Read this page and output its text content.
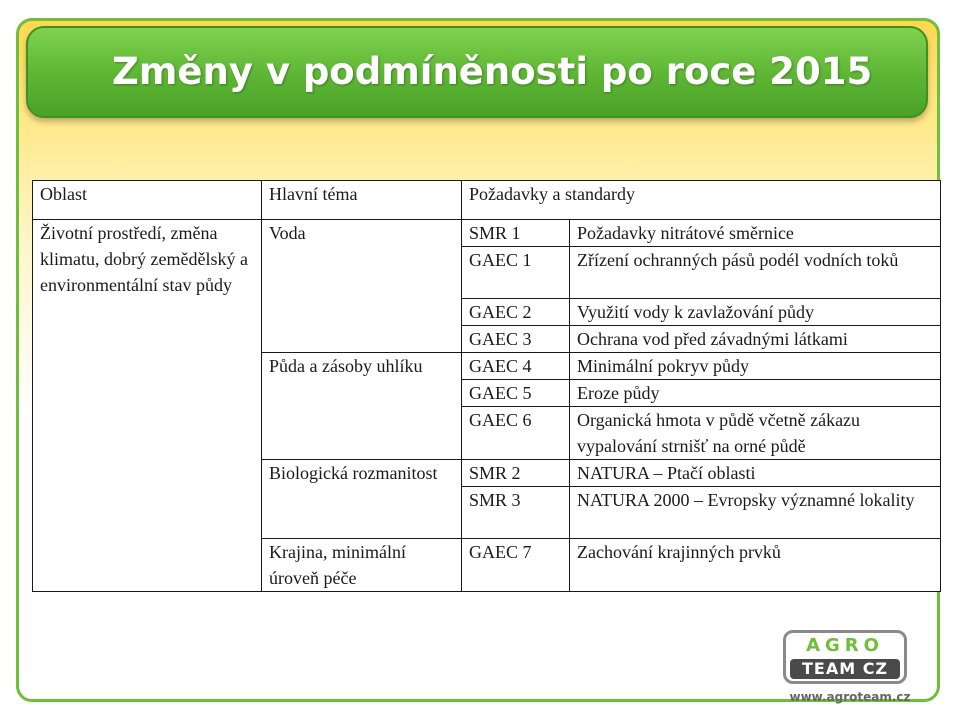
Změny v podmíněnosti po roce 2015
Oblast	Hlavní téma	Požadavky a standardy	
Životní prostředí, změna klimatu, dobrý zemědělský a environmentální stav půdy	Voda	SMR 1	Požadavky nitrátové směrnice
		GAEC 1	Zřízení ochranných pásů podél vodních toků
		GAEC 2	Využití vody k zavlažování půdy
		GAEC 3	Ochrana vod před závadnými látkami
	Půda a zásoby uhlíku	GAEC 4	Minimální pokryv půdy
		GAEC 5	Eroze půdy
		GAEC 6	Organická hmota v půdě včetně zákazu vypalování strnišť na orné půdě
	Biologická rozmanitost	SMR 2	NATURA – Ptačí oblasti
		SMR 3	NATURA 2000 – Evropsky významné lokality
	Krajina, minimální úroveň péče	GAEC 7	Zachování krajinných prvků
AGRO
TEAM CZ
www.agroteam.cz
